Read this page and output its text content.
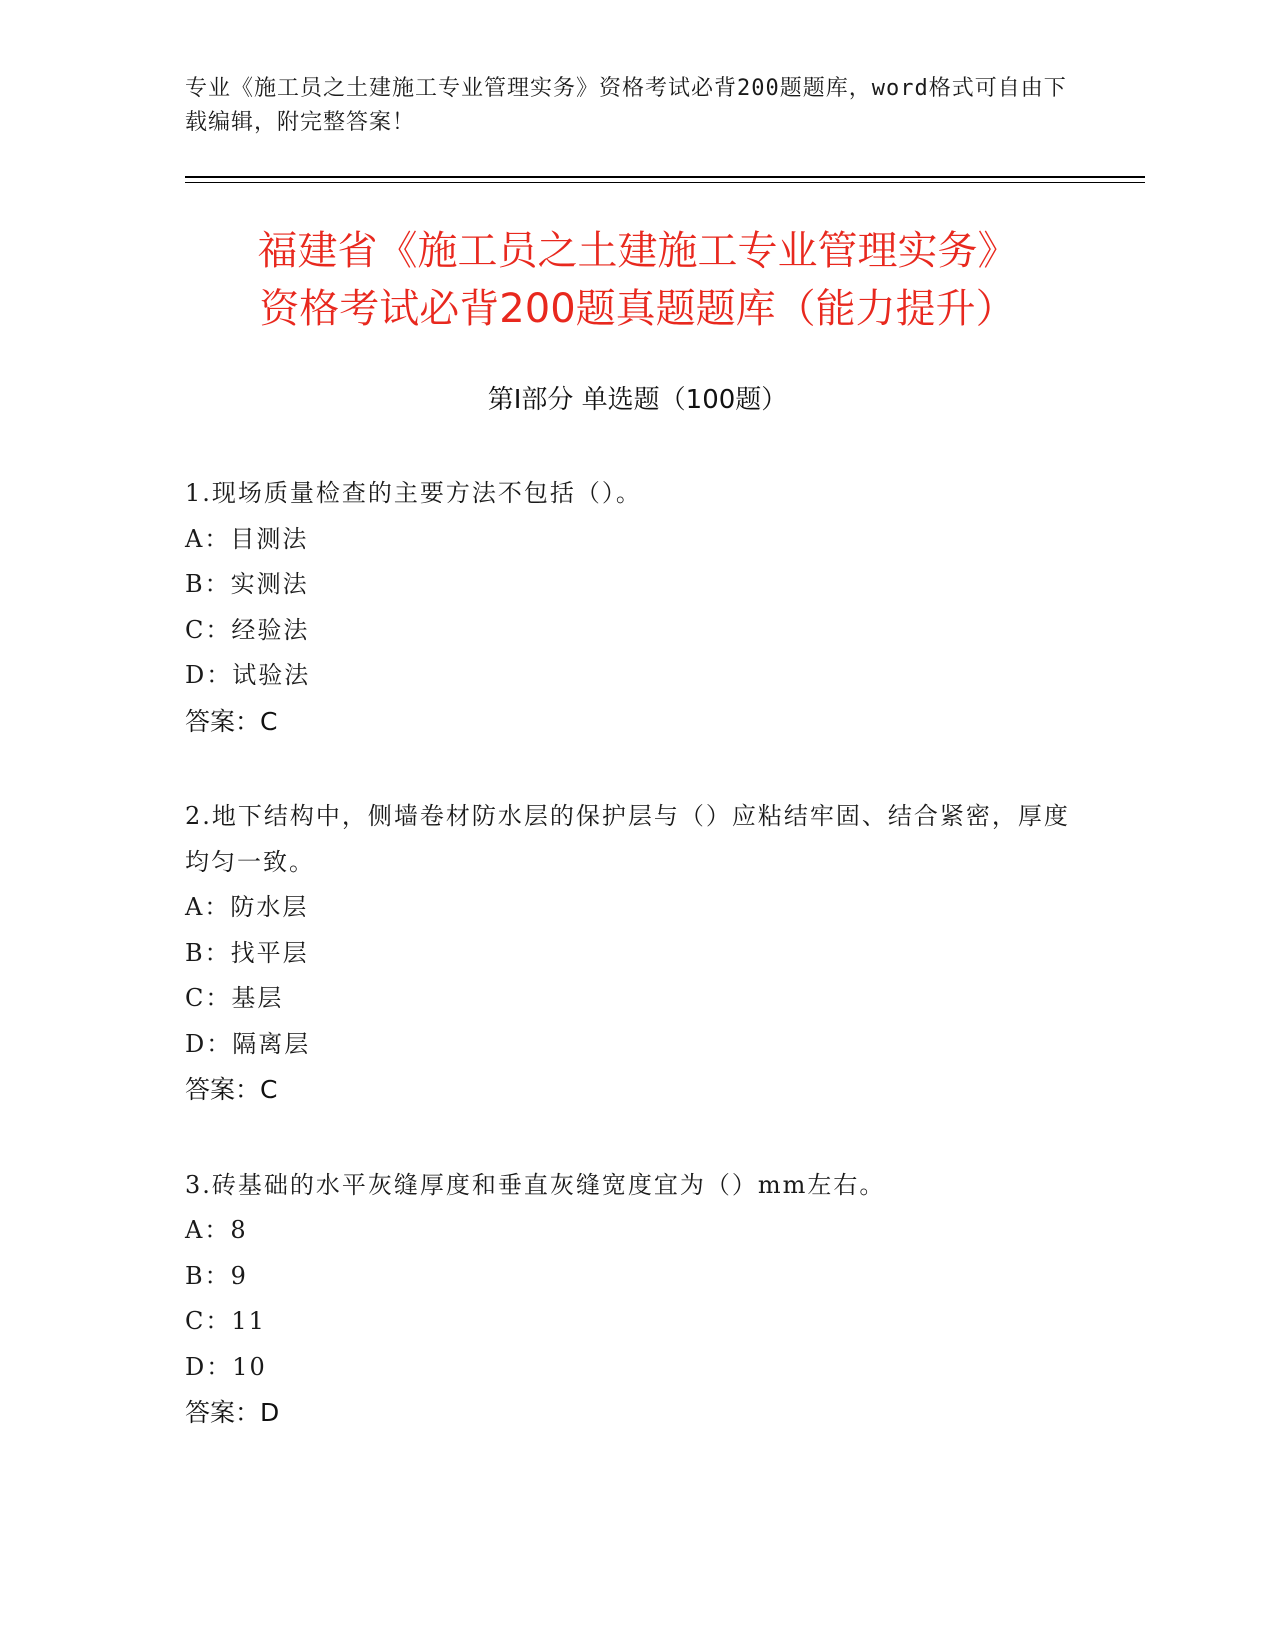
专业《施工员之土建施工专业管理实务》资格考试必背200题题库，word格式可自由下载编辑，附完整答案！
福建省《施工员之土建施工专业管理实务》
资格考试必背200题真题题库（能力提升）
第I部分 单选题（100题）

1.现场质量检查的主要方法不包括（）。

A：目测法

B：实测法

C：经验法

D：试验法

答案：C

2.地下结构中，侧墙卷材防水层的保护层与（）应粘结牢固、结合紧密，厚度均匀一致。

A：防水层

B：找平层

C：基层

D：隔离层

答案：C

3.砖基础的水平灰缝厚度和垂直灰缝宽度宜为（）mm左右。

A：8

B：9

C：11

D：10

答案：D
